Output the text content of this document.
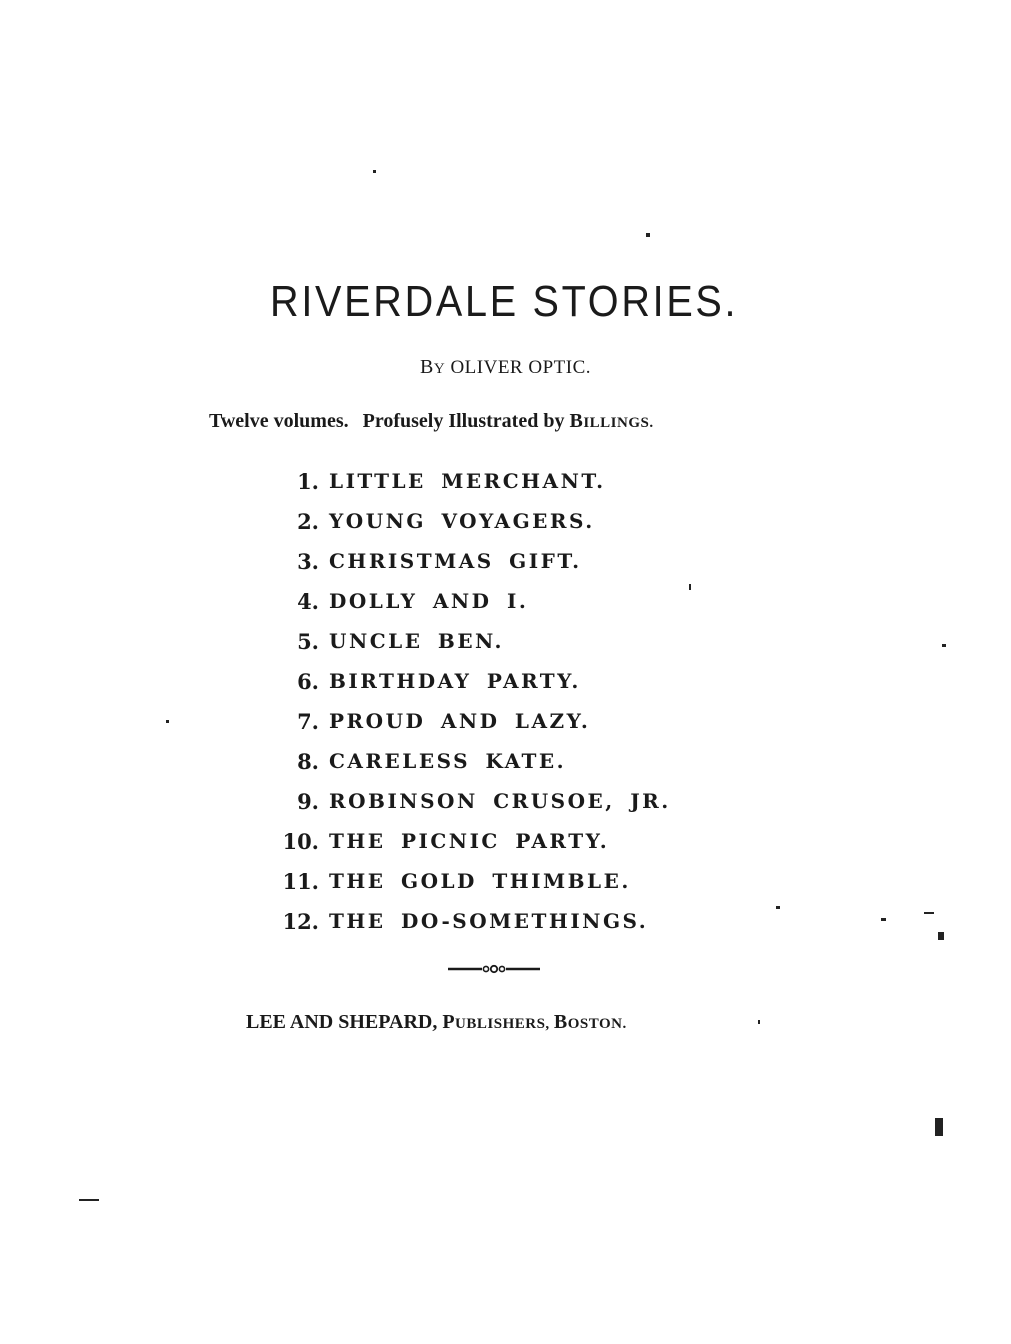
RIVERDALE STORIES.
BY OLIVER OPTIC.
Twelve volumes. Profusely Illustrated by BILLINGS.
1. LITTLE MERCHANT.
2. YOUNG VOYAGERS.
3. CHRISTMAS GIFT.
4. DOLLY AND I.
5. UNCLE BEN.
6. BIRTHDAY PARTY.
7. PROUD AND LAZY.
8. CARELESS KATE.
9. ROBINSON CRUSOE, JR.
10. THE PICNIC PARTY.
11. THE GOLD THIMBLE.
12. THE DO-SOMETHINGS.
LEE AND SHEPARD, PUBLISHERS, BOSTON.
